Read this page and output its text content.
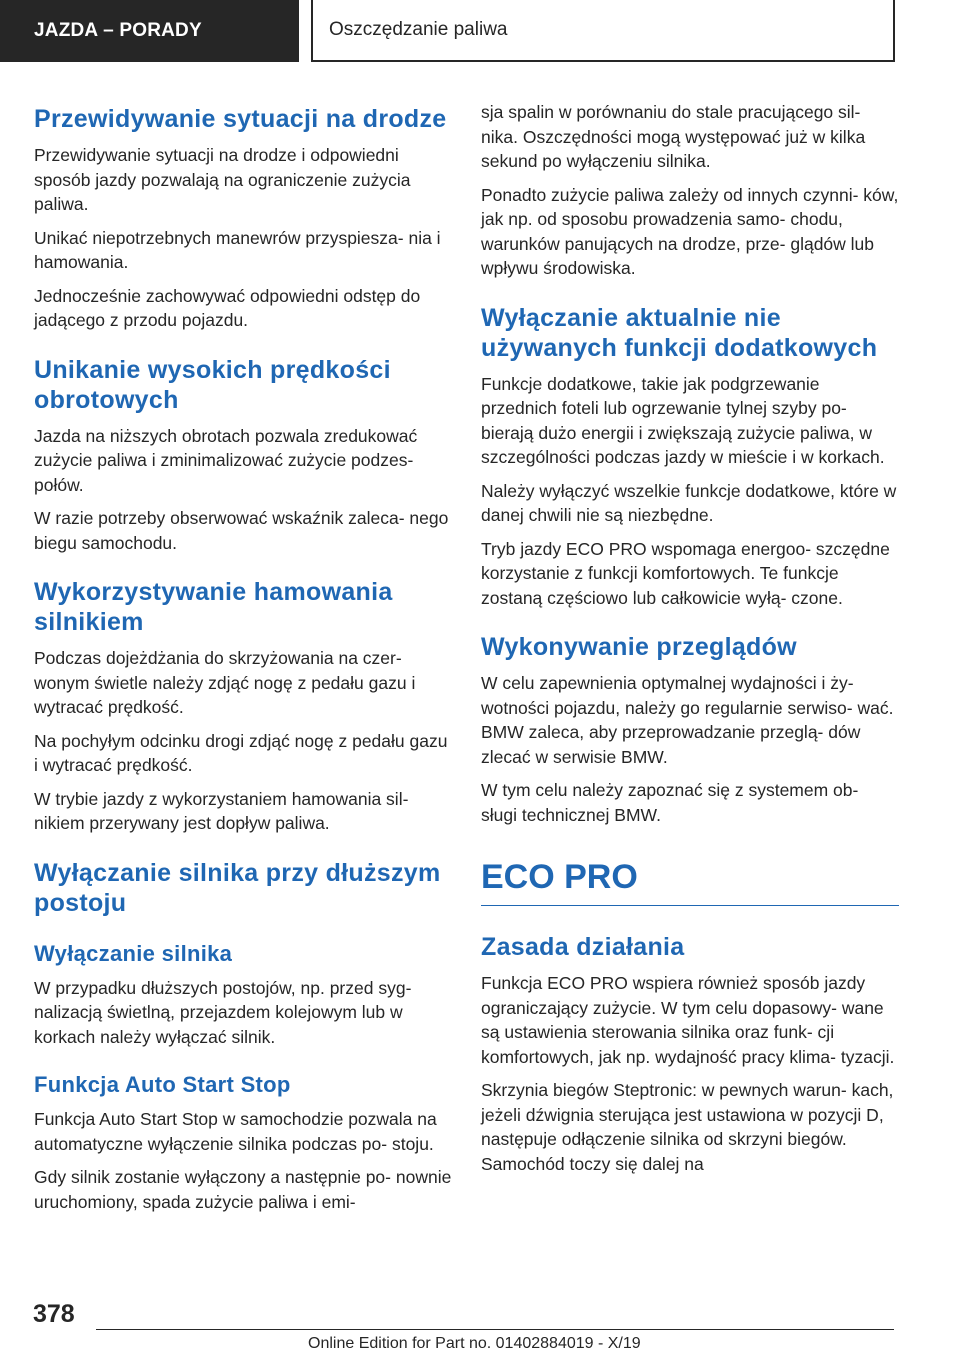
JAZDA – PORADY	Oszczędzanie paliwa
Przewidywanie sytuacji na drodze

Przewidywanie sytuacji na drodze i odpowiedni sposób jazdy pozwalają na ograniczenie zużycia paliwa.

Unikać niepotrzebnych manewrów przyspiesza- nia i hamowania.

Jednocześnie zachowywać odpowiedni odstęp do jadącego z przodu pojazdu.

Unikanie wysokich prędkości obrotowych

Jazda na niższych obrotach pozwala zredukować zużycie paliwa i zminimalizować zużycie podzes- połów.

W razie potrzeby obserwować wskaźnik zaleca- nego biegu samochodu.

Wykorzystywanie hamowania silnikiem

Podczas dojeżdżania do skrzyżowania na czer- wonym świetle należy zdjąć nogę z pedału gazu i wytracać prędkość.

Na pochyłym odcinku drogi zdjąć nogę z pedału gazu i wytracać prędkość.

W trybie jazdy z wykorzystaniem hamowania sil- nikiem przerywany jest dopływ paliwa.

Wyłączanie silnika przy dłuższym postoju
Wyłączanie silnika

W przypadku dłuższych postojów, np. przed syg- nalizacją świetlną, przejazdem kolejowym lub w korkach należy wyłączać silnik.

Funkcja Auto Start Stop

Funkcja Auto Start Stop w samochodzie pozwala na automatyczne wyłączenie silnika podczas po- stoju.

Gdy silnik zostanie wyłączony a następnie po- nownie uruchomiony, spada zużycie paliwa i emi-

sja spalin w porównaniu do stale pracującego sil- nika. Oszczędności mogą występować już w kilka sekund po wyłączeniu silnika.

Ponadto zużycie paliwa zależy od innych czynni- ków, jak np. od sposobu prowadzenia samo- chodu, warunków panujących na drodze, prze- glądów lub wpływu środowiska.

Wyłączanie aktualnie nie używanych funkcji dodatkowych

Funkcje dodatkowe, takie jak podgrzewanie przednich foteli lub ogrzewanie tylnej szyby po- bierają dużo energii i zwiększają zużycie paliwa, w szczególności podczas jazdy w mieście i w korkach.

Należy wyłączyć wszelkie funkcje dodatkowe, które w danej chwili nie są niezbędne.

Tryb jazdy ECO PRO wspomaga energoo- szczędne korzystanie z funkcji komfortowych. Te funkcje zostaną częściowo lub całkowicie wyłą- czone.

Wykonywanie przeglądów

W celu zapewnienia optymalnej wydajności i ży- wotności pojazdu, należy go regularnie serwiso- wać. BMW zaleca, aby przeprowadzanie przeglą- dów zlecać w serwisie BMW.

W tym celu należy zapoznać się z systemem ob- sługi technicznej BMW.

ECO PRO
Zasada działania

Funkcja ECO PRO wspiera również sposób jazdy ograniczający zużycie. W tym celu dopasowy- wane są ustawienia sterowania silnika oraz funk- cji komfortowych, jak np. wydajność pracy klima- tyzacji.

Skrzynia biegów Steptronic: w pewnych warun- kach, jeżeli dźwignia sterująca jest ustawiona w pozycji D, następuje odłączenie silnika od skrzyni biegów. Samochód toczy się dalej na

378
Online Edition for Part no. 01402884019 - X/19
